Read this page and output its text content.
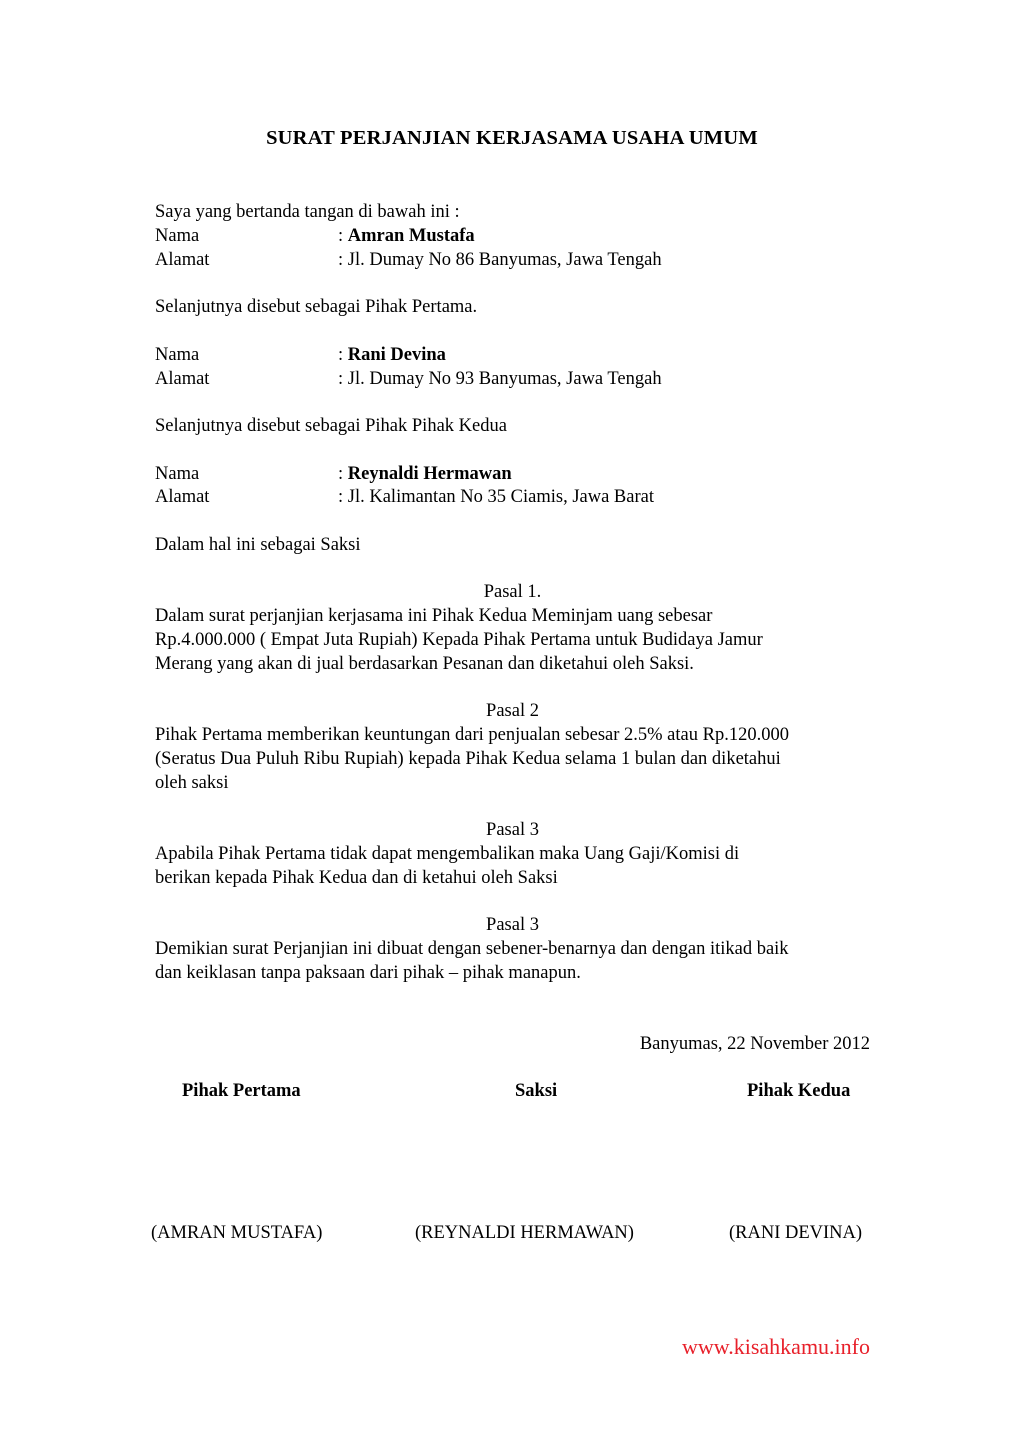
SURAT PERJANJIAN KERJASAMA USAHA UMUM
Saya yang bertanda tangan di bawah ini :
Nama	: Amran Mustafa
Alamat	: Jl. Dumay No 86 Banyumas, Jawa Tengah
Selanjutnya disebut sebagai Pihak Pertama.
Nama	: Rani Devina
Alamat	: Jl. Dumay No 93 Banyumas, Jawa Tengah
Selanjutnya disebut sebagai Pihak Pihak Kedua
Nama	: Reynaldi Hermawan
Alamat	: Jl. Kalimantan No 35 Ciamis, Jawa Barat
Dalam hal ini sebagai Saksi
Pasal 1.
Dalam surat perjanjian kerjasama ini Pihak Kedua Meminjam uang sebesar
Rp.4.000.000 ( Empat Juta Rupiah) Kepada Pihak Pertama untuk Budidaya Jamur
Merang yang akan di jual berdasarkan Pesanan dan diketahui oleh Saksi.
Pasal 2
Pihak Pertama memberikan keuntungan dari penjualan sebesar 2.5% atau Rp.120.000
(Seratus Dua Puluh Ribu Rupiah) kepada Pihak Kedua selama 1 bulan dan diketahui
oleh saksi
Pasal 3
Apabila Pihak Pertama tidak dapat mengembalikan maka Uang Gaji/Komisi di
berikan kepada Pihak Kedua dan di ketahui oleh Saksi
Pasal 3
Demikian surat Perjanjian ini dibuat dengan sebener-benarnya dan dengan itikad baik
dan keiklasan tanpa paksaan dari pihak – pihak manapun.
Banyumas, 22 November 2012
Pihak Pertama	Saksi	Pihak Kedua
(AMRAN MUSTAFA)	(REYNALDI HERMAWAN)	(RANI DEVINA)
www.kisahkamu.info
